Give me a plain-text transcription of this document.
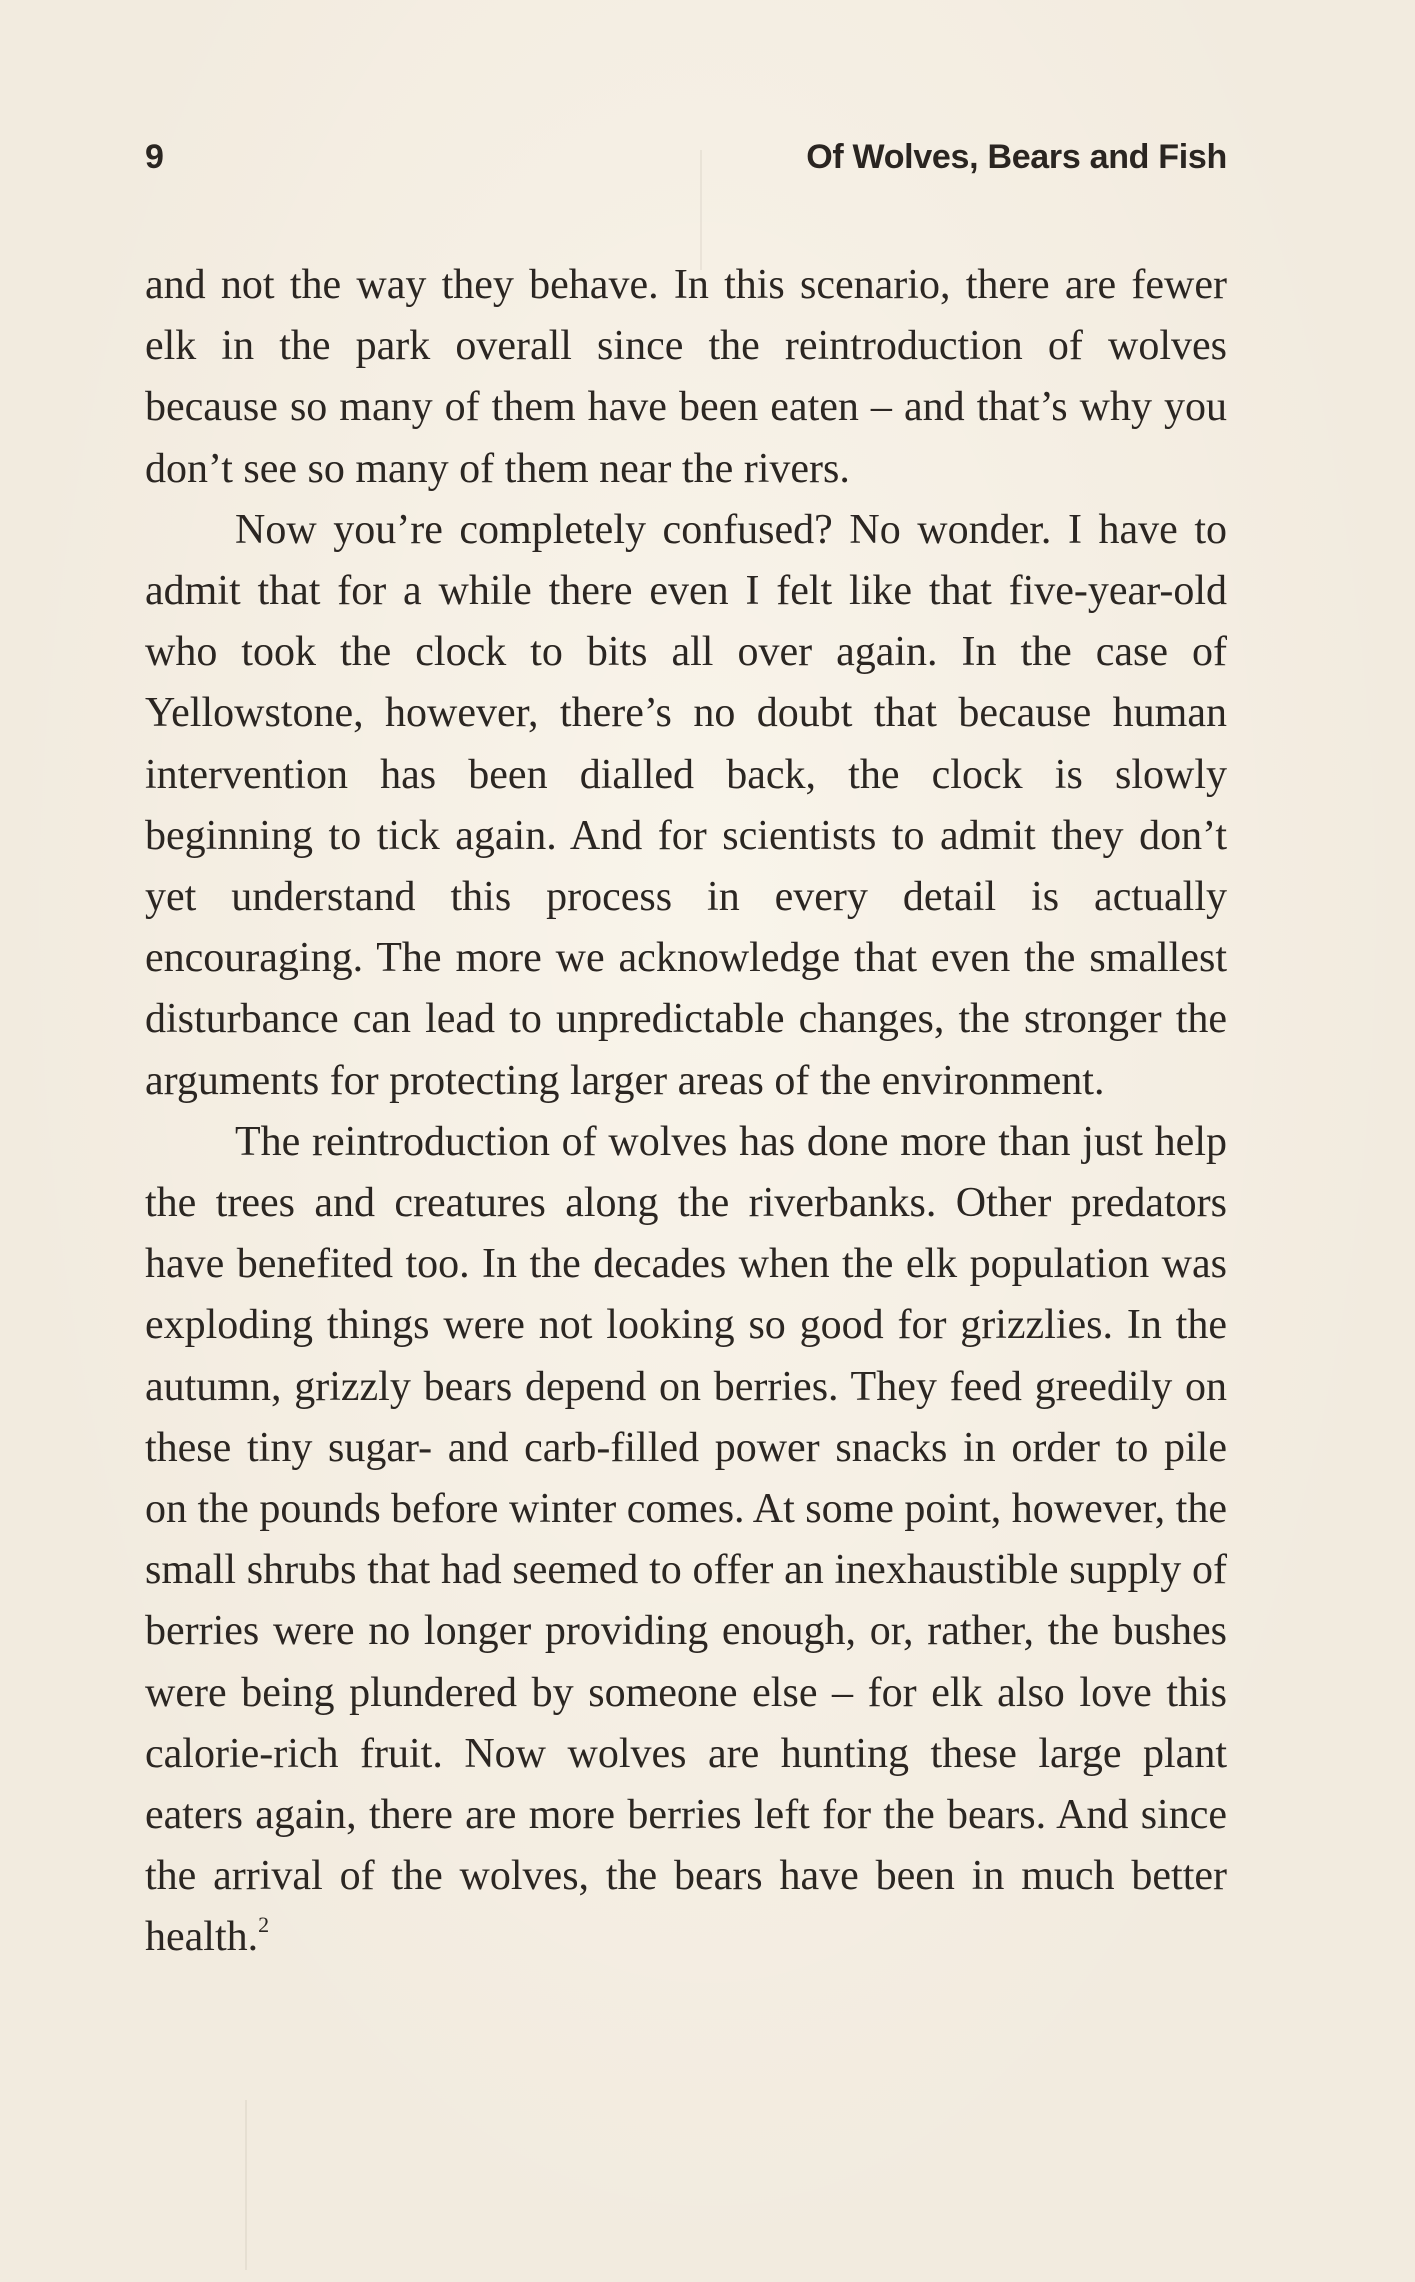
9	Of Wolves, Bears and Fish

and not the way they behave. In this scenario, there are fewer elk in the park overall since the reintroduction of wolves because so many of them have been eaten – and that’s why you don’t see so many of them near the rivers.

Now you’re completely confused? No wonder. I have to admit that for a while there even I felt like that five-year-old who took the clock to bits all over again. In the case of Yellowstone, however, there’s no doubt that because human intervention has been dialled back, the clock is slowly beginning to tick again. And for scientists to admit they don’t yet understand this process in every detail is actually encouraging. The more we acknowledge that even the smallest disturbance can lead to unpredictable changes, the stronger the arguments for protecting larger areas of the environment.

The reintroduction of wolves has done more than just help the trees and creatures along the riverbanks. Other predators have benefited too. In the decades when the elk population was exploding things were not looking so good for grizzlies. In the autumn, grizzly bears depend on berries. They feed greedily on these tiny sugar- and carb-filled power snacks in order to pile on the pounds before winter comes. At some point, however, the small shrubs that had seemed to offer an inexhaustible supply of berries were no longer providing enough, or, rather, the bushes were being plundered by someone else – for elk also love this calorie-rich fruit. Now wolves are hunting these large plant eaters again, there are more berries left for the bears. And since the arrival of the wolves, the bears have been in much better health.$^2$
